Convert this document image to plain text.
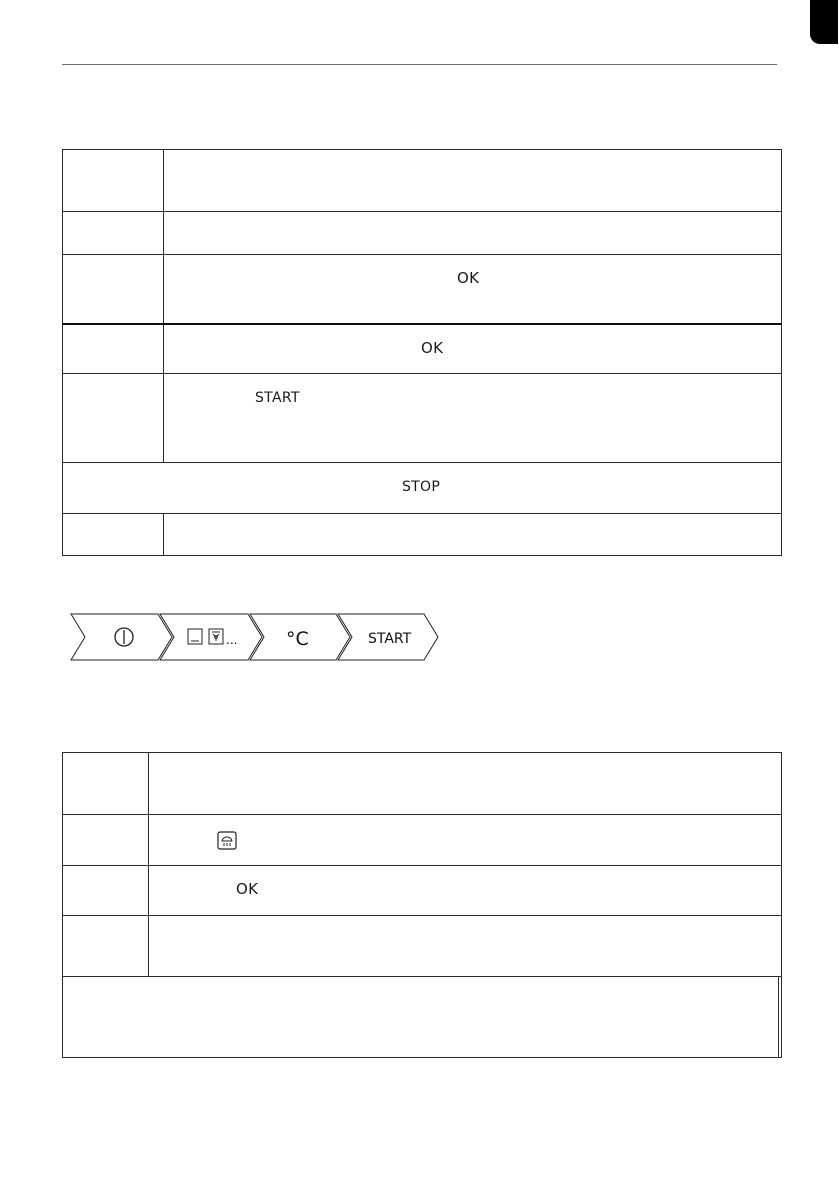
	OK

	OK

	START

STOP	

...	°C	START

	OK	
